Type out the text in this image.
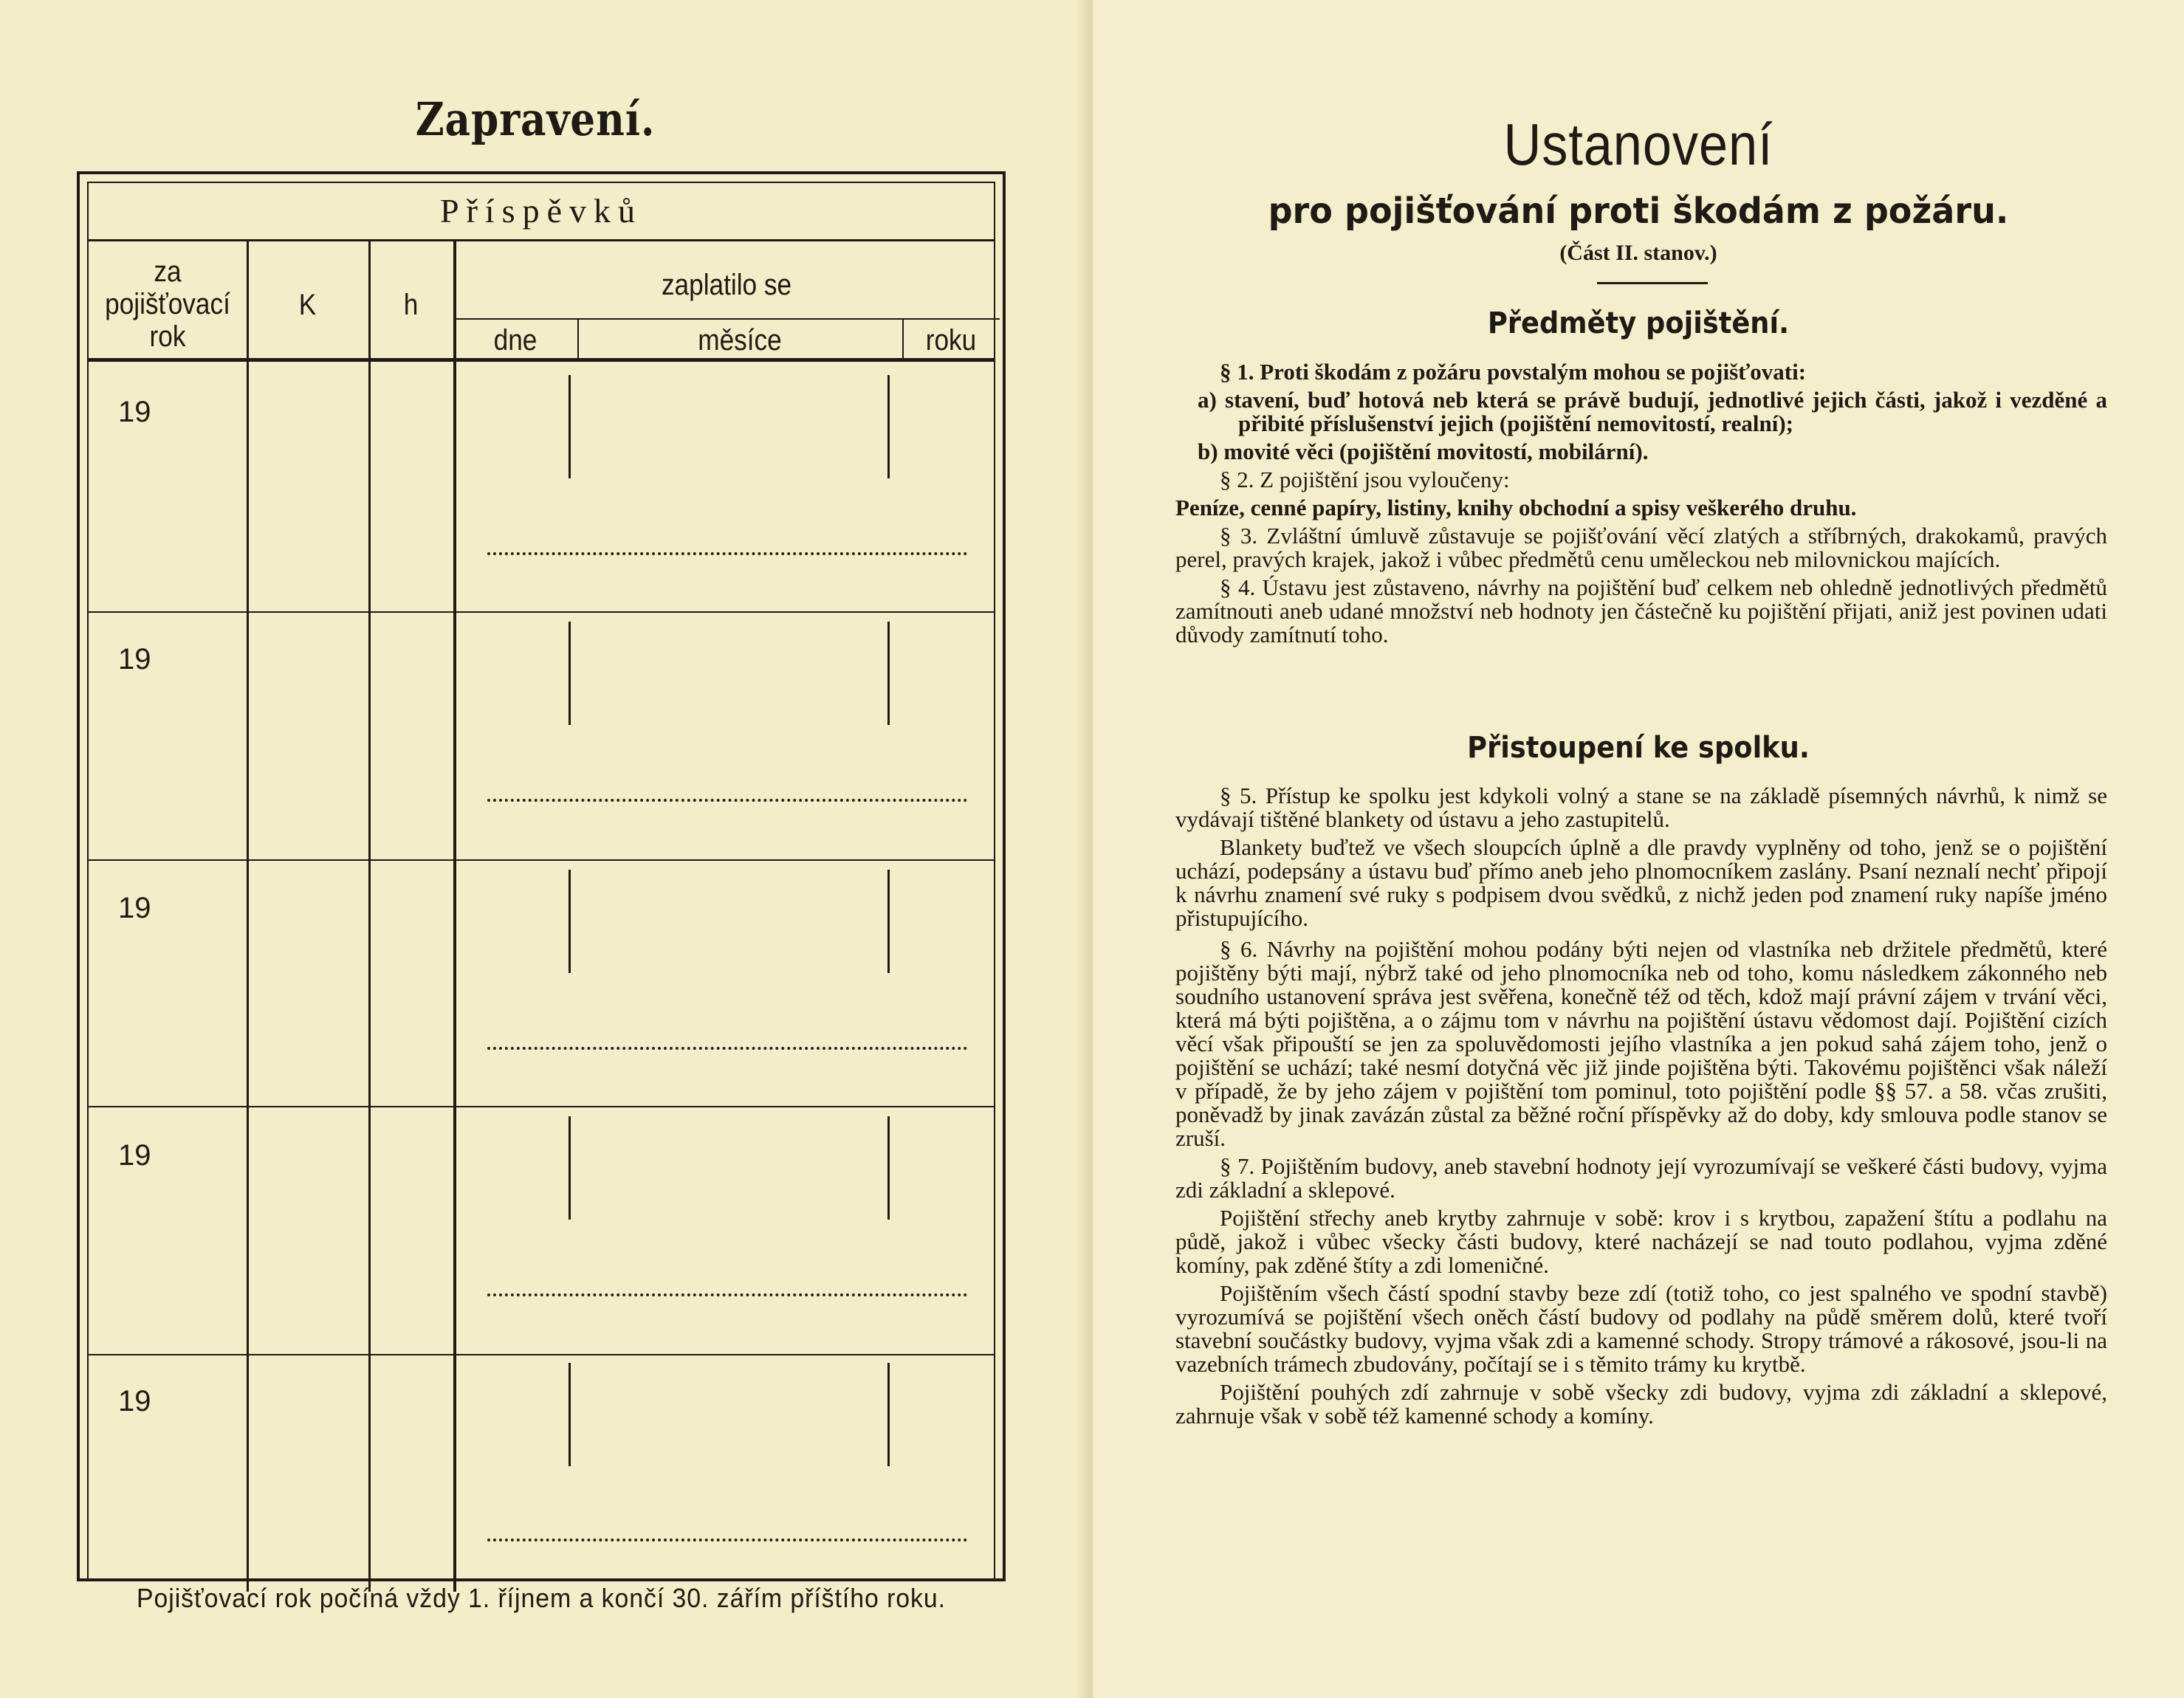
Zapravení.
Příspěvků
za pojišťovací rok
K	h
zaplatilo se
dne	měsíce	roku
19
19
19
19
19
Pojišťovací rok počíná vždy 1. říjnem a končí 30. zářím příštího roku.
Ustanovení
pro pojišťování proti škodám z požáru.
(Část II. stanov.)
Předměty pojištění.

§ 1. Proti škodám z požáru povstalým mohou se pojišťovati:

a) stavení, buď hotová neb která se právě budují, jednotlivé jejich části, jakož i vezděné a přibité příslušenství jejich (pojištění nemovitostí, realní);

b) movité věci (pojištění movitostí, mobilární).

§ 2. Z pojištění jsou vyloučeny:

Peníze, cenné papíry, listiny, knihy obchodní a spisy veškerého druhu.

§ 3. Zvláštní úmluvě zůstavuje se pojišťování věcí zlatých a stříbrných, drakokamů, pravých perel, pravých krajek, jakož i vůbec předmětů cenu uměleckou neb milovnickou majících.

§ 4. Ústavu jest zůstaveno, návrhy na pojištění buď celkem neb ohledně jednotlivých předmětů zamítnouti aneb udané množství neb hodnoty jen částečně ku pojištění přijati, aniž jest povinen udati důvody zamítnutí toho.

Přistoupení ke spolku.

§ 5. Přístup ke spolku jest kdykoli volný a stane se na základě písemných návrhů, k nimž se vydávají tištěné blankety od ústavu a jeho zastupitelů.

Blankety buďtež ve všech sloupcích úplně a dle pravdy vyplněny od toho, jenž se o pojištění uchází, podepsány a ústavu buď přímo aneb jeho plnomocníkem zaslány. Psaní neznalí nechť připojí k návrhu znamení své ruky s podpisem dvou svědků, z nichž jeden pod znamení ruky napíše jméno přistupujícího.

§ 6. Návrhy na pojištění mohou podány býti nejen od vlastníka neb držitele předmětů, které pojištěny býti mají, nýbrž také od jeho plnomocníka neb od toho, komu následkem zákonného neb soudního ustanovení správa jest svěřena, konečně též od těch, kdož mají právní zájem v trvání věci, která má býti pojištěna, a o zájmu tom v návrhu na pojištění ústavu vědomost dají. Pojištění cizích věcí však připouští se jen za spoluvědomosti jejího vlastníka a jen pokud sahá zájem toho, jenž o pojištění se uchází; také nesmí dotyčná věc již jinde pojištěna býti. Takovému pojištěnci však náleží v případě, že by jeho zájem v pojištění tom pominul, toto pojištění podle §§ 57. a 58. včas zrušiti, poněvadž by jinak zavázán zůstal za běžné roční příspěvky až do doby, kdy smlouva podle stanov se zruší.

§ 7. Pojištěním budovy, aneb stavební hodnoty její vyrozumívají se veškeré části budovy, vyjma zdi základní a sklepové.

Pojištění střechy aneb krytby zahrnuje v sobě: krov i s krytbou, zapažení štítu a podlahu na půdě, jakož i vůbec všecky části budovy, které nacházejí se nad touto podlahou, vyjma zděné komíny, pak zděné štíty a zdi lomeničné.

Pojištěním všech částí spodní stavby beze zdí (totiž toho, co jest spalného ve spodní stavbě) vyrozumívá se pojištění všech oněch částí budovy od podlahy na půdě směrem dolů, které tvoří stavební součástky budovy, vyjma však zdi a kamenné schody. Stropy trámové a rákosové, jsou-li na vazebních trámech zbudovány, počítají se i s těmito trámy ku krytbě.

Pojištění pouhých zdí zahrnuje v sobě všecky zdi budovy, vyjma zdi základní a sklepové, zahrnuje však v sobě též kamenné schody a komíny.
